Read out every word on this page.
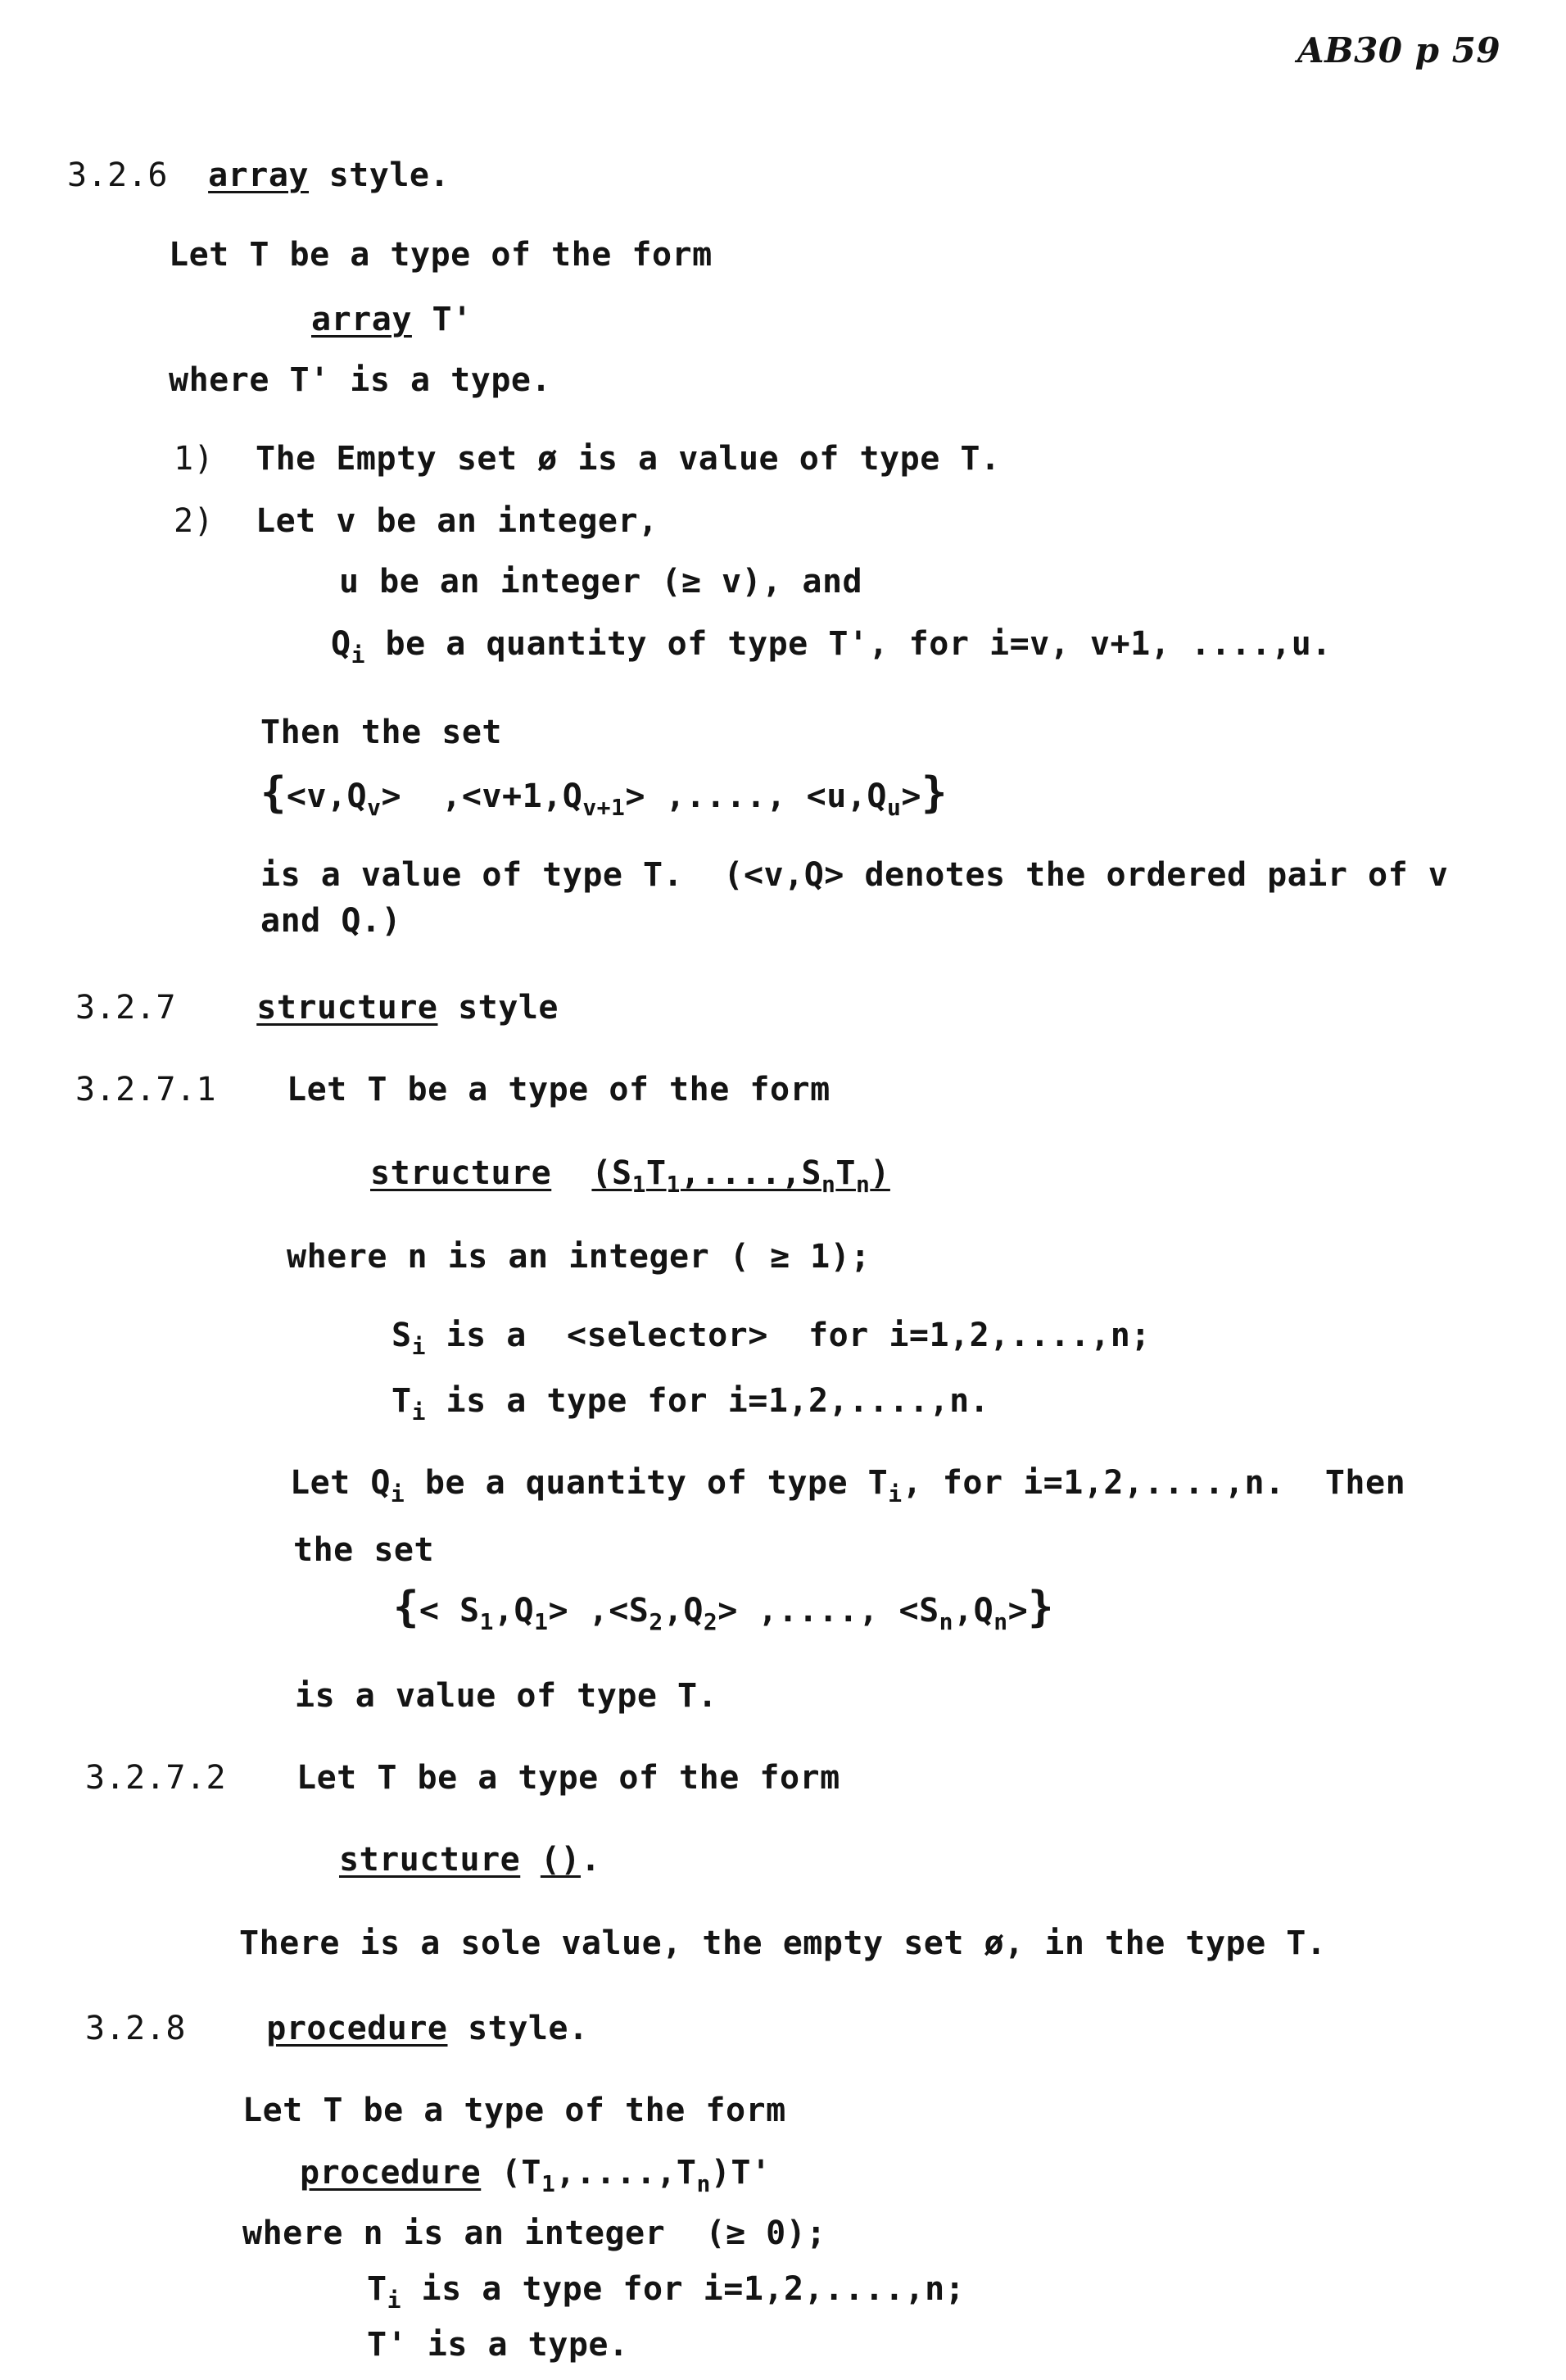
AB30 p 59
3.2.6 array style.
Let T be a type of the form
array T'
where T' is a type.
1) The Empty set ø is a value of type T.
2) Let v be an integer,
u be an integer (≥ v), and
$Q_i$ be a quantity of type T', for i=v, v+1, ....,u.
Then the set
{$<v,Q_v> ,<v+1,Q_{v+1}>$ ,...., $<u,Q_u>$}
is a value of type T.  (<v,Q> denotes the ordered pair of v
and Q.)
3.2.7 structure style
3.2.7.1 Let T be a type of the form
structure $(S_1T_1,....,S_nT_n)$
where n is an integer ( ≥ 1);
$S_i$ is a  <selector>  for i=1,2,....,n;
$T_i$ is a type for i=1,2,....,n.
Let $Q_i$ be a quantity of type $T_i$, for i=1,2,....,n.  Then
the set
{< $S_1,Q_1> ,<S_2,Q_2>$ ,...., $<S_n,Q_n>$}
is a value of type T.
3.2.7.2 Let T be a type of the form
structure ().
There is a sole value, the empty set ø, in the type T.
3.2.8 procedure style.
Let T be a type of the form
procedure $(T_1,....,T_n)T'$
where n is an integer  (≥ 0);
$T_i$ is a type for i=1,2,....,n;
T' is a type.
